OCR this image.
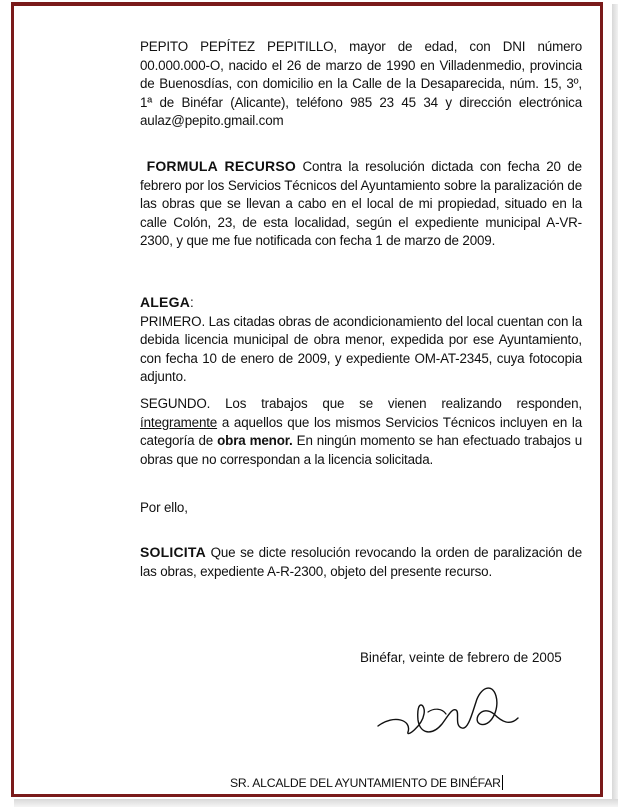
PEPITO PEPÍTEZ PEPITILLO, mayor de edad, con DNI número 00.000.000-O, nacido el 26 de marzo de 1990 en Villadenmedio, provincia de Buenosdías, con domicilio en la Calle de la Desaparecida, núm. 15, 3º, 1ª de Binéfar (Alicante), teléfono 985 23 45 34 y dirección electrónica aulaz@pepito.gmail.com

FORMULA RECURSO Contra la resolución dictada con fecha 20 de febrero por los Servicios Técnicos del Ayuntamiento sobre la paralización de las obras que se llevan a cabo en el local de mi propiedad, situado en la calle Colón, 23, de esta localidad, según el expediente municipal A-VR-2300, y que me fue notificada con fecha 1 de marzo de 2009.

ALEGA:

PRIMERO. Las citadas obras de acondicionamiento del local cuentan con la debida licencia municipal de obra menor, expedida por ese Ayuntamiento, con fecha 10 de enero de 2009, y expediente OM-AT-2345, cuya fotocopia adjunto.

SEGUNDO. Los trabajos que se vienen realizando responden, íntegramente a aquellos que los mismos Servicios Técnicos incluyen en la categoría de obra menor. En ningún momento se han efectuado trabajos u obras que no correspondan a la licencia solicitada.

Por ello,

SOLICITA Que se dicte resolución revocando la orden de paralización de las obras, expediente A-R-2300, objeto del presente recurso.

Binéfar, veinte de febrero de 2005
SR. ALCALDE DEL AYUNTAMIENTO DE BINÉFAR
